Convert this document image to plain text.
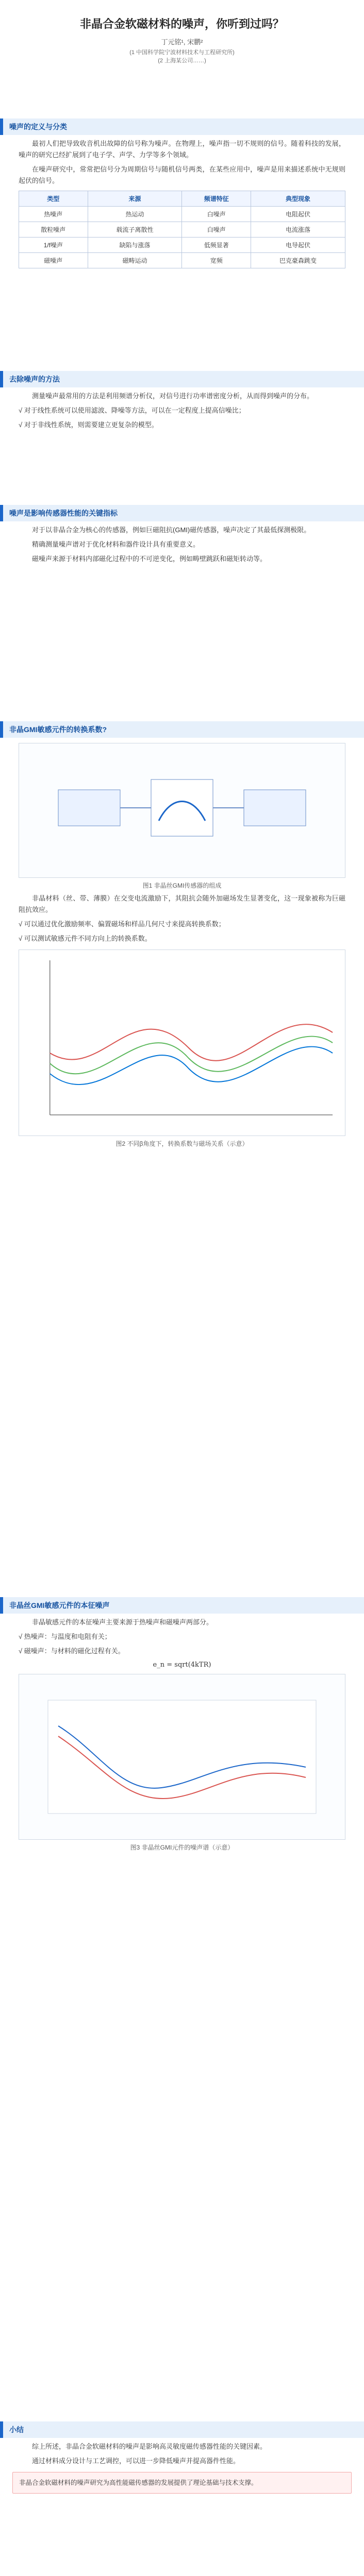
非晶合金软磁材料的噪声，你听到过吗？
丁元铭¹, 宋鹏²
(1 中国科学院宁波材料技术与工程研究所)
(2 上海某公司……)
噪声的定义与分类
最初人们把导致收音机出故障的信号称为噪声。在物理上，噪声指一切不规则的信号。随着科技的发展，噪声的研究已经扩展到了电子学、声学、力学等多个领域。
在噪声研究中，常常把信号分为周期信号与随机信号两类，在某些应用中，噪声是用来描述系统中无规则起伏的信号。
类型	来源	频谱特征	典型现象
热噪声	热运动	白噪声	电阻起伏
散粒噪声	载流子离散性	白噪声	电流涨落
1/f噪声	缺陷与涨落	低频显著	电导起伏
磁噪声	磁畴运动	宽频	巴克豪森跳变
去除噪声的方法
测量噪声最常用的方法是利用频谱分析仪，对信号进行功率谱密度分析，从而得到噪声的分布。
√ 对于线性系统可以使用滤波、降噪等方法，可以在一定程度上提高信噪比；
√ 对于非线性系统，则需要建立更复杂的模型。
噪声是影响传感器性能的关键指标
对于以非晶合金为核心的传感器，例如巨磁阻抗(GMI)磁传感器，噪声决定了其最低探测极限。
精确测量噪声谱对于优化材料和器件设计具有重要意义。
磁噪声来源于材料内部磁化过程中的不可逆变化，例如畴壁跳跃和磁矩转动等。
非晶GMI敏感元件的转换系数?
图1 非晶丝GMI传感器的组成
非晶材料（丝、带、薄膜）在交变电流激励下，其阻抗会随外加磁场发生显著变化，这一现象被称为巨磁阻抗效应。
√ 可以通过优化激励频率、偏置磁场和样品几何尺寸来提高转换系数；
√ 可以测试敏感元件不同方向上的转换系数。
图2 不同β角度下，转换系数与磁场关系（示意）
非晶丝GMI敏感元件的本征噪声
非晶敏感元件的本征噪声主要来源于热噪声和磁噪声两部分。
√ 热噪声：与温度和电阻有关；
√ 磁噪声：与材料的磁化过程有关。
e_n = sqrt(4kTR)
图3 非晶丝GMI元件的噪声谱（示意）
小结
综上所述，非晶合金软磁材料的噪声是影响高灵敏度磁传感器性能的关键因素。
通过材料成分设计与工艺调控，可以进一步降低噪声并提高器件性能。
非晶合金软磁材料的噪声研究为高性能磁传感器的发展提供了理论基础与技术支撑。
